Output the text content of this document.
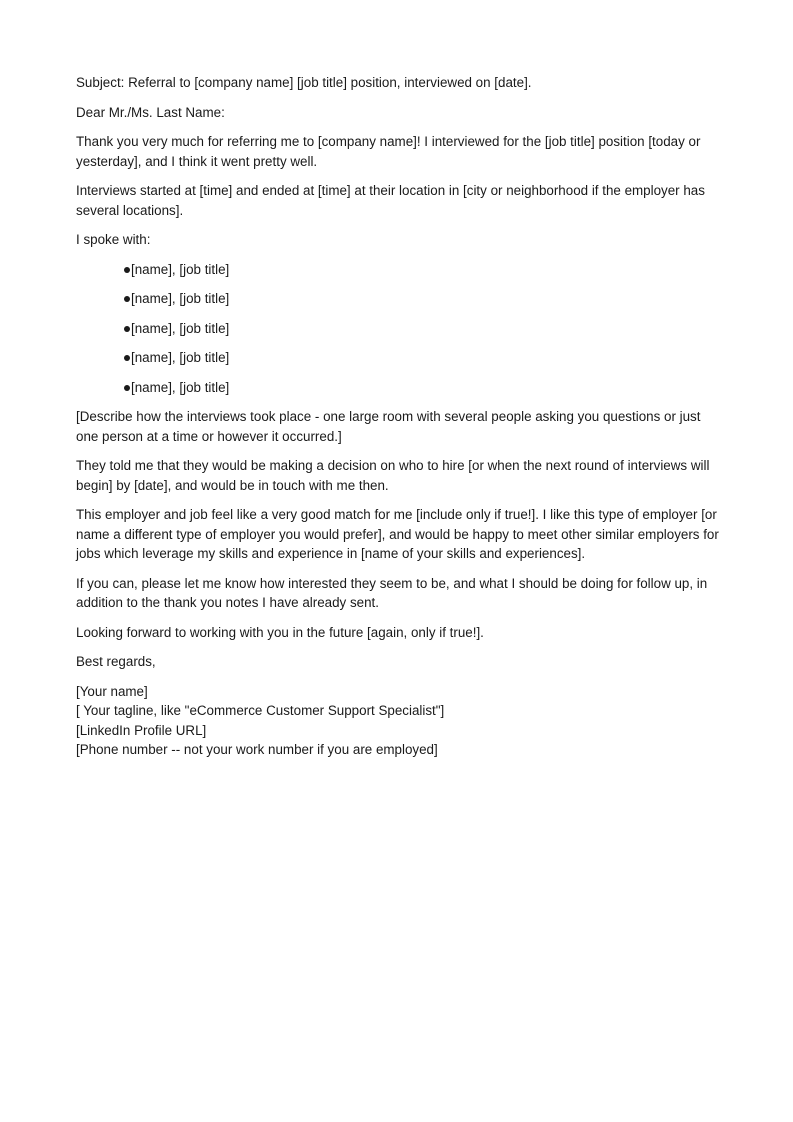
Subject: Referral to [company name] [job title] position, interviewed on [date].

Dear Mr./Ms. Last Name:

Thank you very much for referring me to [company name]! I interviewed for the [job title] position [today or yesterday], and I think it went pretty well.

Interviews started at [time] and ended at [time] at their location in [city or neighborhood if the employer has several locations].

I spoke with:

[name], [job title]
[name], [job title]
[name], [job title]
[name], [job title]
[name], [job title]

[Describe how the interviews took place - one large room with several people asking you questions or just one person at a time or however it occurred.]

They told me that they would be making a decision on who to hire [or when the next round of interviews will begin] by [date], and would be in touch with me then.

This employer and job feel like a very good match for me [include only if true!]. I like this type of employer [or name a different type of employer you would prefer], and would be happy to meet other similar employers for jobs which leverage my skills and experience in [name of your skills and experiences].

If you can, please let me know how interested they seem to be, and what I should be doing for follow up, in addition to the thank you notes I have already sent.

Looking forward to working with you in the future [again, only if true!].

Best regards,

[Your name]
[ Your tagline, like "eCommerce Customer Support Specialist"]
[LinkedIn Profile URL]
[Phone number -- not your work number if you are employed]
